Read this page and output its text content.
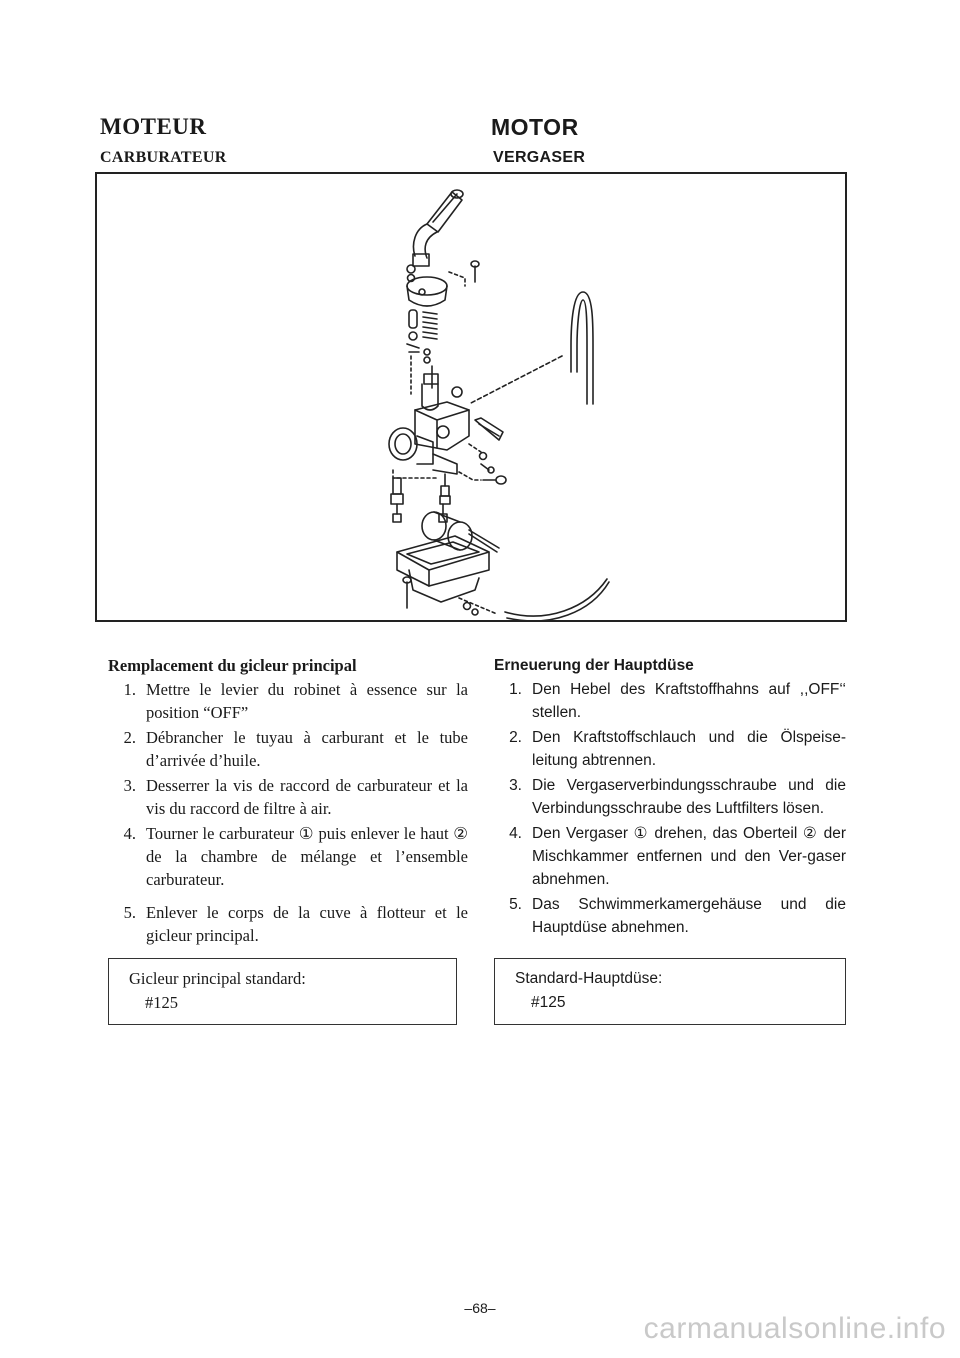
MOTEUR
CARBURATEUR
MOTOR
VERGASER
Remplacement du gicleur principal
1. Mettre le levier du robinet à essence sur la position “OFF”
2. Débrancher le tuyau à carburant et le tube d’arrivée d’huile.
3. Desserrer la vis de raccord de carburateur et la vis du raccord de filtre à air.
4. Tourner le carburateur ① puis enlever le haut ② de la chambre de mélange et l’ensemble carburateur.
5. Enlever le corps de la cuve à flotteur et le gicleur principal.
Erneuerung der Hauptdüse
1. Den Hebel des Kraftstoffhahns auf ,,OFF‘‘ stellen.
2. Den Kraftstoffschlauch und die Ölspeise-leitung abtrennen.
3. Die Vergaserverbindungsschraube und die Verbindungsschraube des Luftfilters lösen.
4. Den Vergaser ① drehen, das Oberteil ② der Mischkammer entfernen und den Ver-gaser abnehmen.
5. Das Schwimmerkamergehäuse und die Hauptdüse abnehmen.
Gicleur principal standard:
#125
Standard-Hauptdüse:
#125
–68–
carmanualsonline.info
